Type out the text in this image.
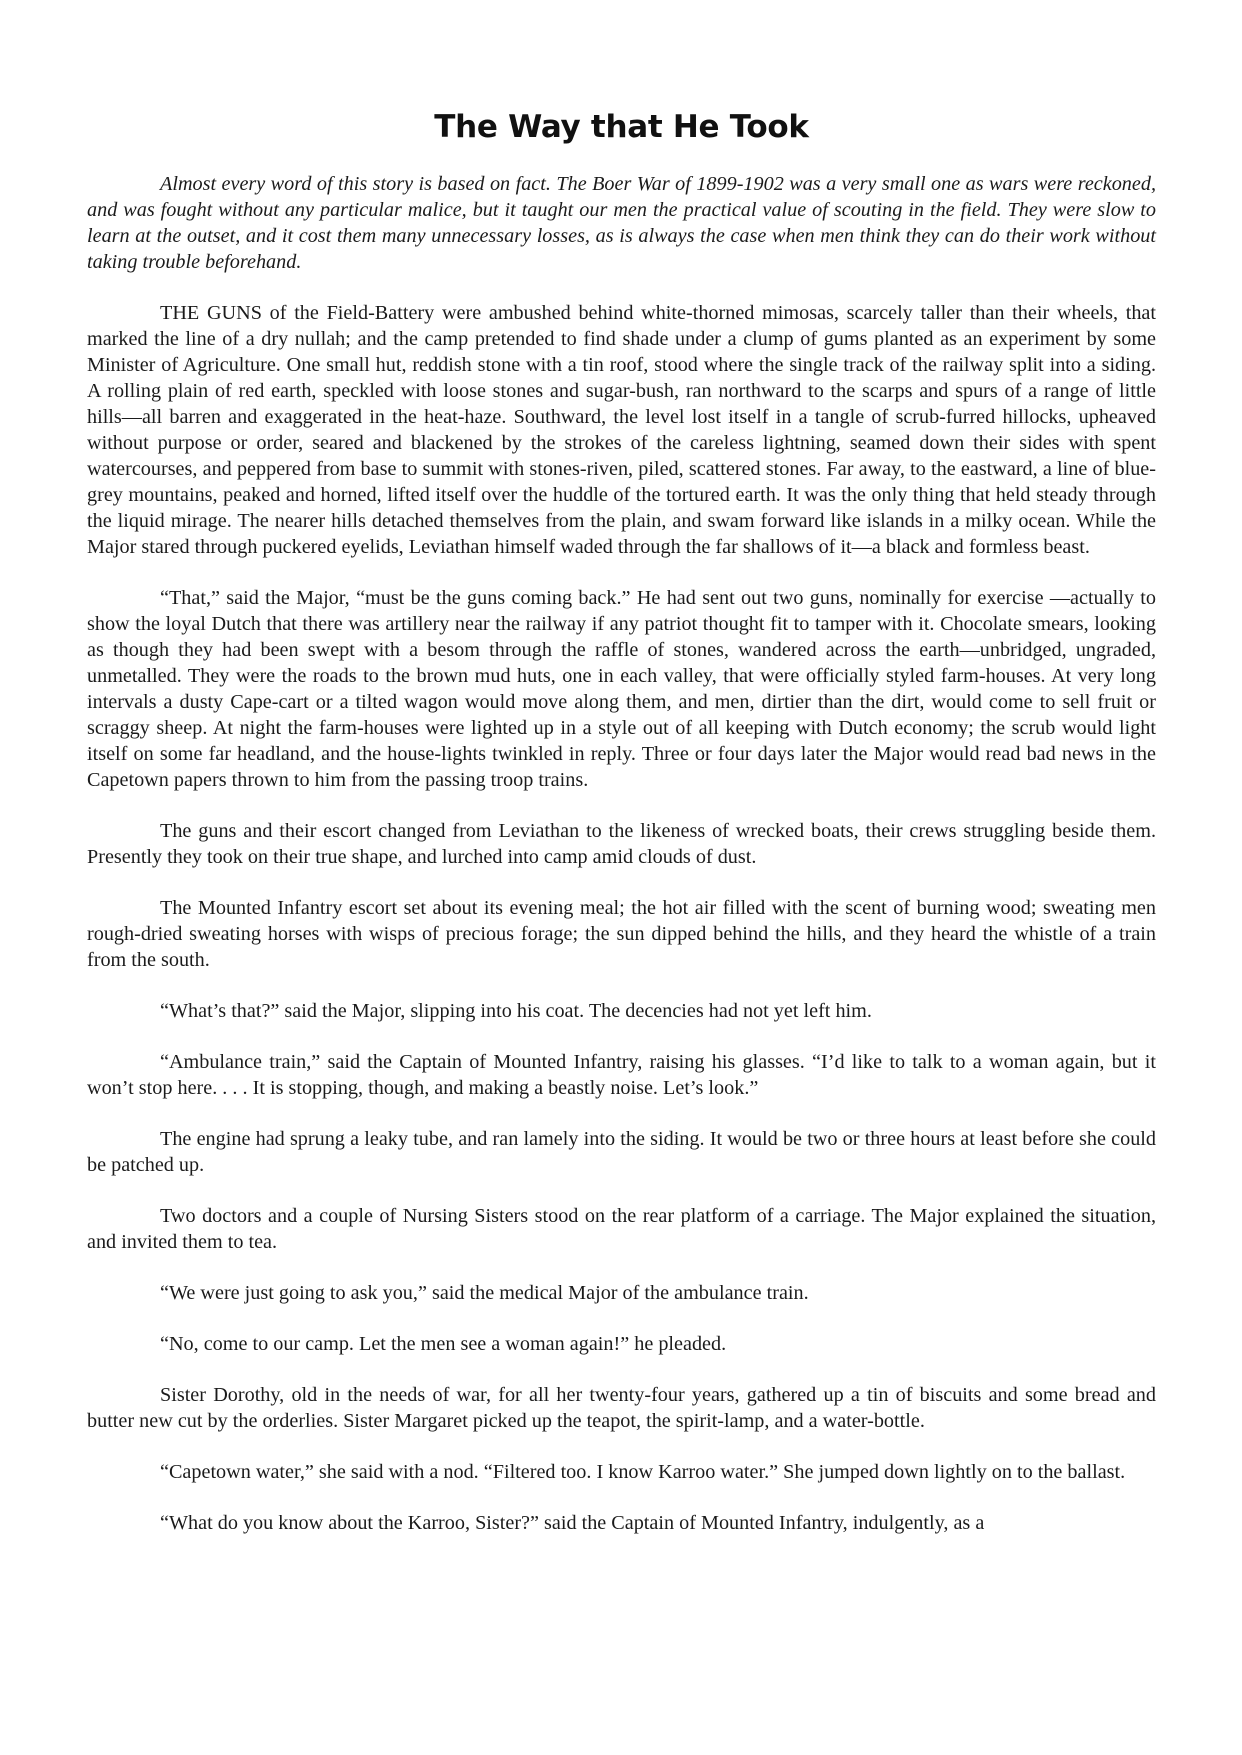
The Way that He Took

Almost every word of this story is based on fact. The Boer War of 1899-1902 was a very small one as wars were reckoned, and was fought without any particular malice, but it taught our men the practical value of scouting in the field. They were slow to learn at the outset, and it cost them many unnecessary losses, as is always the case when men think they can do their work without taking trouble beforehand.

THE GUNS of the Field-Battery were ambushed behind white-thorned mimosas, scarcely taller than their wheels, that marked the line of a dry nullah; and the camp pretended to find shade under a clump of gums planted as an experiment by some Minister of Agriculture. One small hut, reddish stone with a tin roof, stood where the single track of the railway split into a siding. A rolling plain of red earth, speckled with loose stones and sugar-bush, ran northward to the scarps and spurs of a range of little hills—all barren and exaggerated in the heat-haze. Southward, the level lost itself in a tangle of scrub-furred hillocks, upheaved without purpose or order, seared and blackened by the strokes of the careless lightning, seamed down their sides with spent watercourses, and peppered from base to summit with stones-riven, piled, scattered stones. Far away, to the eastward, a line of blue-grey mountains, peaked and horned, lifted itself over the huddle of the tortured earth. It was the only thing that held steady through the liquid mirage. The nearer hills detached themselves from the plain, and swam forward like islands in a milky ocean. While the Major stared through puckered eyelids, Leviathan himself waded through the far shallows of it—a black and formless beast.

“That,” said the Major, “must be the guns coming back.” He had sent out two guns, nominally for exercise —actually to show the loyal Dutch that there was artillery near the railway if any patriot thought fit to tamper with it. Chocolate smears, looking as though they had been swept with a besom through the raffle of stones, wandered across the earth—unbridged, ungraded, unmetalled. They were the roads to the brown mud huts, one in each valley, that were officially styled farm-houses. At very long intervals a dusty Cape-cart or a tilted wagon would move along them, and men, dirtier than the dirt, would come to sell fruit or scraggy sheep. At night the farm-houses were lighted up in a style out of all keeping with Dutch economy; the scrub would light itself on some far headland, and the house-lights twinkled in reply. Three or four days later the Major would read bad news in the Capetown papers thrown to him from the passing troop trains.

The guns and their escort changed from Leviathan to the likeness of wrecked boats, their crews struggling beside them. Presently they took on their true shape, and lurched into camp amid clouds of dust.

The Mounted Infantry escort set about its evening meal; the hot air filled with the scent of burning wood; sweating men rough-dried sweating horses with wisps of precious forage; the sun dipped behind the hills, and they heard the whistle of a train from the south.

“What’s that?” said the Major, slipping into his coat. The decencies had not yet left him.

“Ambulance train,” said the Captain of Mounted Infantry, raising his glasses. “I’d like to talk to a woman again, but it won’t stop here. . . . It is stopping, though, and making a beastly noise. Let’s look.”

The engine had sprung a leaky tube, and ran lamely into the siding. It would be two or three hours at least before she could be patched up.

Two doctors and a couple of Nursing Sisters stood on the rear platform of a carriage. The Major explained the situation, and invited them to tea.

“We were just going to ask you,” said the medical Major of the ambulance train.

“No, come to our camp. Let the men see a woman again!” he pleaded.

Sister Dorothy, old in the needs of war, for all her twenty-four years, gathered up a tin of biscuits and some bread and butter new cut by the orderlies. Sister Margaret picked up the teapot, the spirit-lamp, and a water-bottle.

“Capetown water,” she said with a nod. “Filtered too. I know Karroo water.” She jumped down lightly on to the ballast.

“What do you know about the Karroo, Sister?” said the Captain of Mounted Infantry, indulgently, as a
